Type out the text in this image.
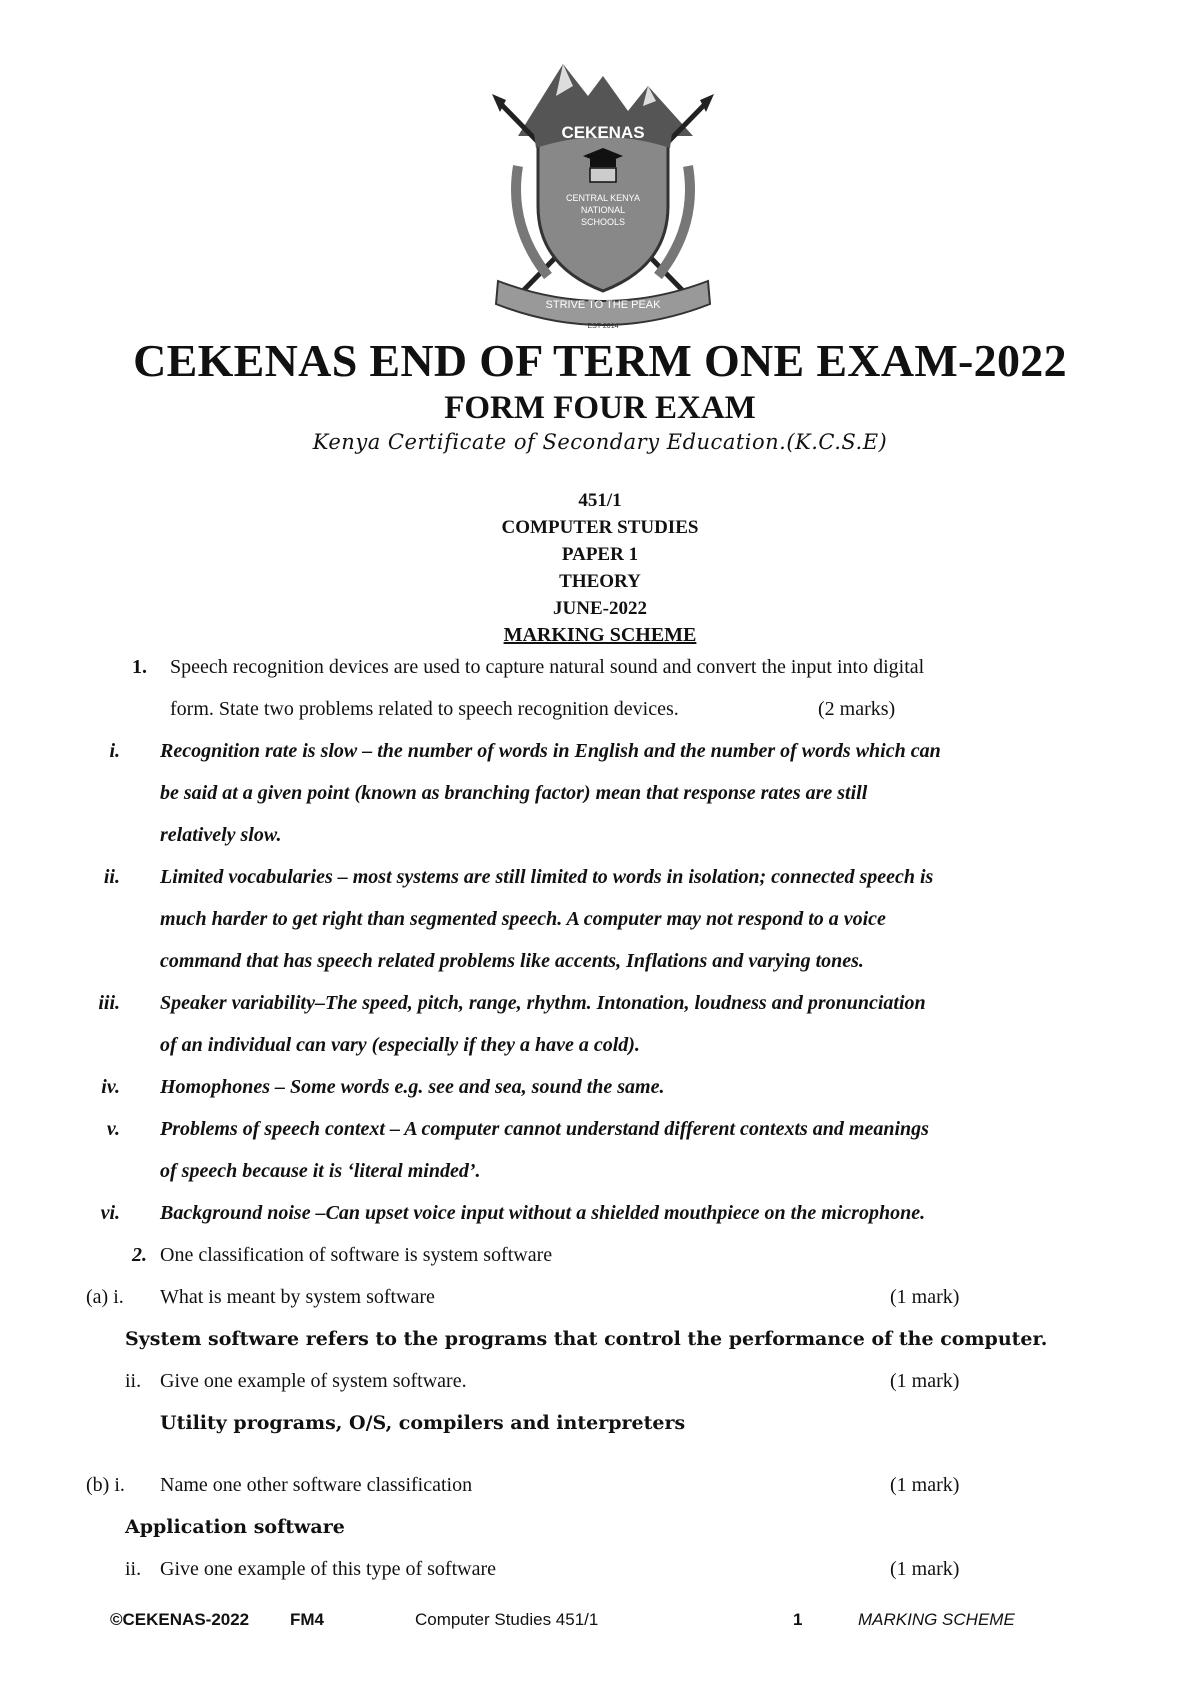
CEKENAS
CENTRAL KENYA
NATIONAL
SCHOOLS
STRIVE TO THE PEAK
EST 2014
CEKENAS END OF TERM ONE EXAM-2022
FORM FOUR EXAM
Kenya Certificate of Secondary Education.(K.C.S.E)
451/1
COMPUTER STUDIES
PAPER 1
THEORY
JUNE-2022
MARKING SCHEME
1. Speech recognition devices are used to capture natural sound and convert the input into digital
form. State two problems related to speech recognition devices.	(2 marks)
i. Recognition rate is slow – the number of words in English and the number of words which can
be said at a given point (known as branching factor) mean that response rates are still
relatively slow.
ii. Limited vocabularies – most systems are still limited to words in isolation; connected speech is
much harder to get right than segmented speech. A computer may not respond to a voice
command that has speech related problems like accents, Inflations and varying tones.
iii. Speaker variability–The speed, pitch, range, rhythm. Intonation, loudness and pronunciation
of an individual can vary (especially if they a have a cold).
iv. Homophones – Some words e.g. see and sea, sound the same.
v. Problems of speech context – A computer cannot understand different contexts and meanings
of speech because it is ‘literal minded’.
vi. Background noise –Can upset voice input without a shielded mouthpiece on the microphone.
2. One classification of software is system software
(a) i. What is meant by system software	(1 mark)
System software refers to the programs that control the performance of the computer.
ii. Give one example of system software.	(1 mark)
Utility programs, O/S, compilers and interpreters
(b) i. Name one other software classification	(1 mark)
Application software
ii. Give one example of this type of software	(1 mark)
©CEKENAS-2022 FM4	Computer Studies 451/1	1	MARKING SCHEME
